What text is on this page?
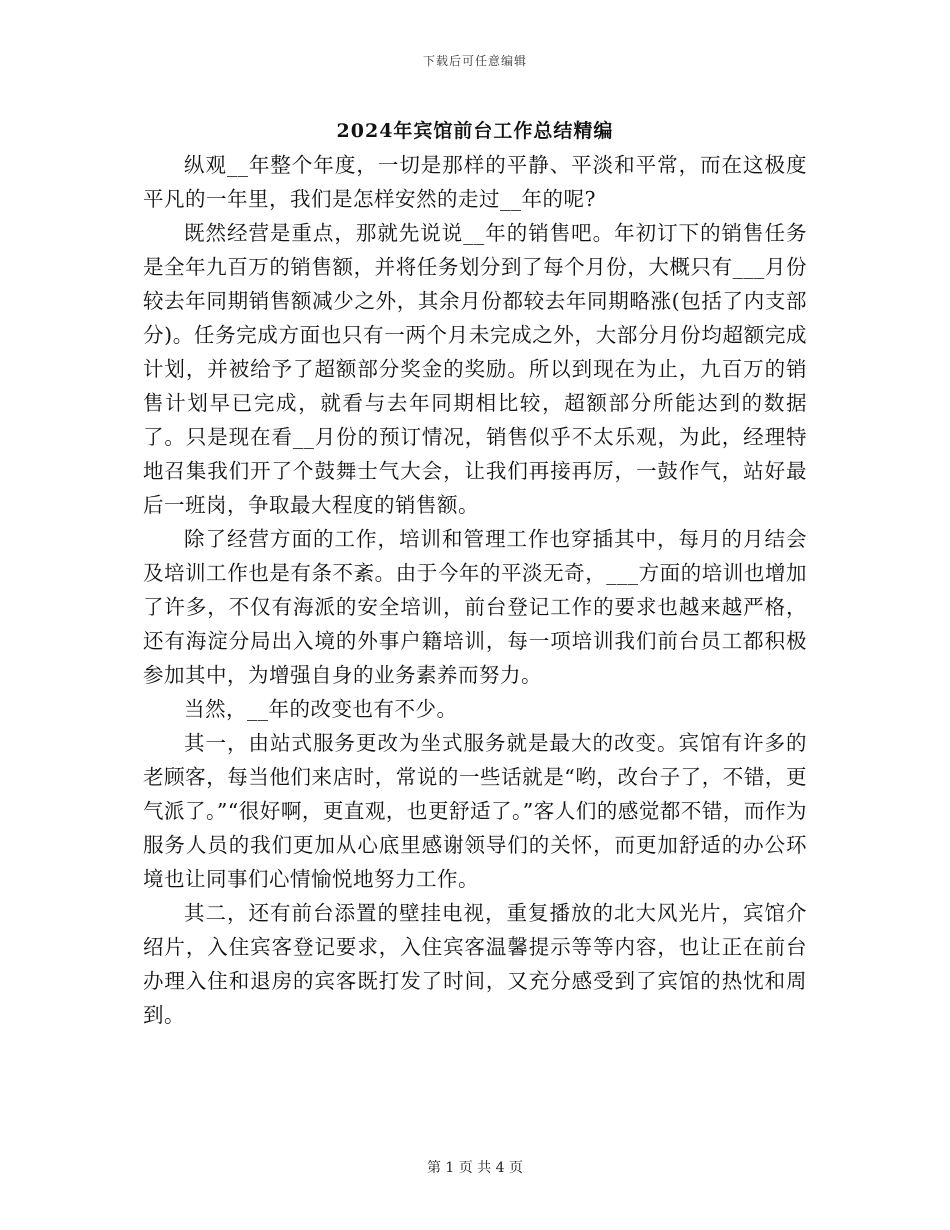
下载后可任意编辑
2024年宾馆前台工作总结精编

纵观__年整个年度，一切是那样的平静、平淡和平常，而在这极度平凡的一年里，我们是怎样安然的走过__年的呢?

既然经营是重点，那就先说说__年的销售吧。年初订下的销售任务是全年九百万的销售额，并将任务划分到了每个月份，大概只有___月份较去年同期销售额减少之外，其余月份都较去年同期略涨(包括了内支部分)。任务完成方面也只有一两个月未完成之外，大部分月份均超额完成计划，并被给予了超额部分奖金的奖励。所以到现在为止，九百万的销售计划早已完成，就看与去年同期相比较，超额部分所能达到的数据了。只是现在看__月份的预订情况，销售似乎不太乐观，为此，经理特地召集我们开了个鼓舞士气大会，让我们再接再厉，一鼓作气，站好最后一班岗，争取最大程度的销售额。

除了经营方面的工作，培训和管理工作也穿插其中，每月的月结会及培训工作也是有条不紊。由于今年的平淡无奇，___方面的培训也增加了许多，不仅有海派的安全培训，前台登记工作的要求也越来越严格，还有海淀分局出入境的外事户籍培训，每一项培训我们前台员工都积极参加其中，为增强自身的业务素养而努力。

当然，__年的改变也有不少。

其一，由站式服务更改为坐式服务就是最大的改变。宾馆有许多的老顾客，每当他们来店时，常说的一些话就是“哟，改台子了，不错，更气派了。”“很好啊，更直观，也更舒适了。”客人们的感觉都不错，而作为服务人员的我们更加从心底里感谢领导们的关怀，而更加舒适的办公环境也让同事们心情愉悦地努力工作。

其二，还有前台添置的壁挂电视，重复播放的北大风光片，宾馆介绍片，入住宾客登记要求，入住宾客温馨提示等等内容，也让正在前台办理入住和退房的宾客既打发了时间，又充分感受到了宾馆的热忱和周到。

第 1 页 共 4 页
